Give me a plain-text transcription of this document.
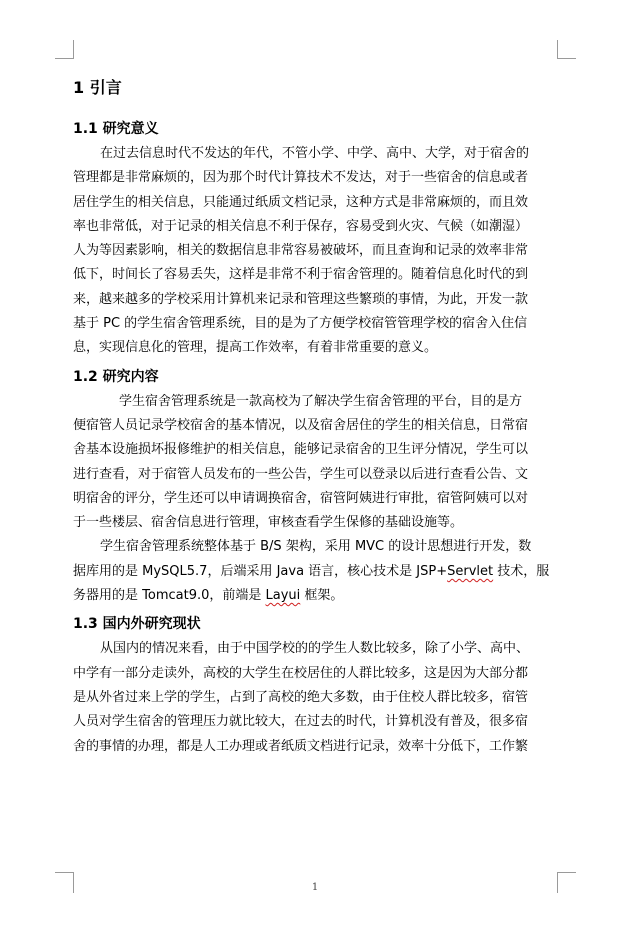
1 引言
1.1 研究意义

在过去信息时代不发达的年代，不管小学、中学、高中、大学，对于宿舍的
管理都是非常麻烦的，因为那个时代计算技术不发达，对于一些宿舍的信息或者
居住学生的相关信息，只能通过纸质文档记录，这种方式是非常麻烦的，而且效
率也非常低，对于记录的相关信息不利于保存，容易受到火灾、气候（如潮湿）
人为等因素影响，相关的数据信息非常容易被破坏，而且查询和记录的效率非常
低下，时间长了容易丢失，这样是非常不利于宿舍管理的。随着信息化时代的到
来，越来越多的学校采用计算机来记录和管理这些繁琐的事情，为此，开发一款
基于 PC 的学生宿舍管理系统，目的是为了方便学校宿管管理学校的宿舍入住信
息，实现信息化的管理，提高工作效率，有着非常重要的意义。

1.2 研究内容

学生宿舍管理系统是一款高校为了解决学生宿舍管理的平台，目的是方
便宿管人员记录学校宿舍的基本情况，以及宿舍居住的学生的相关信息，日常宿
舍基本设施损坏报修维护的相关信息，能够记录宿舍的卫生评分情况，学生可以
进行查看，对于宿管人员发布的一些公告，学生可以登录以后进行查看公告、文
明宿舍的评分，学生还可以申请调换宿舍，宿管阿姨进行审批，宿管阿姨可以对
于一些楼层、宿舍信息进行管理，审核查看学生保修的基础设施等。

学生宿舍管理系统整体基于 B/S 架构，采用 MVC 的设计思想进行开发，数
据库用的是 MySQL5.7，后端采用 Java 语言，核心技术是 JSP+Servlet 技术，服
务器用的是 Tomcat9.0，前端是 Layui 框架。

1.3 国内外研究现状

从国内的情况来看，由于中国学校的的学生人数比较多，除了小学、高中、
中学有一部分走读外，高校的大学生在校居住的人群比较多，这是因为大部分都
是从外省过来上学的学生，占到了高校的绝大多数，由于住校人群比较多，宿管
人员对学生宿舍的管理压力就比较大，在过去的时代，计算机没有普及，很多宿
舍的事情的办理，都是人工办理或者纸质文档进行记录，效率十分低下，工作繁

1
